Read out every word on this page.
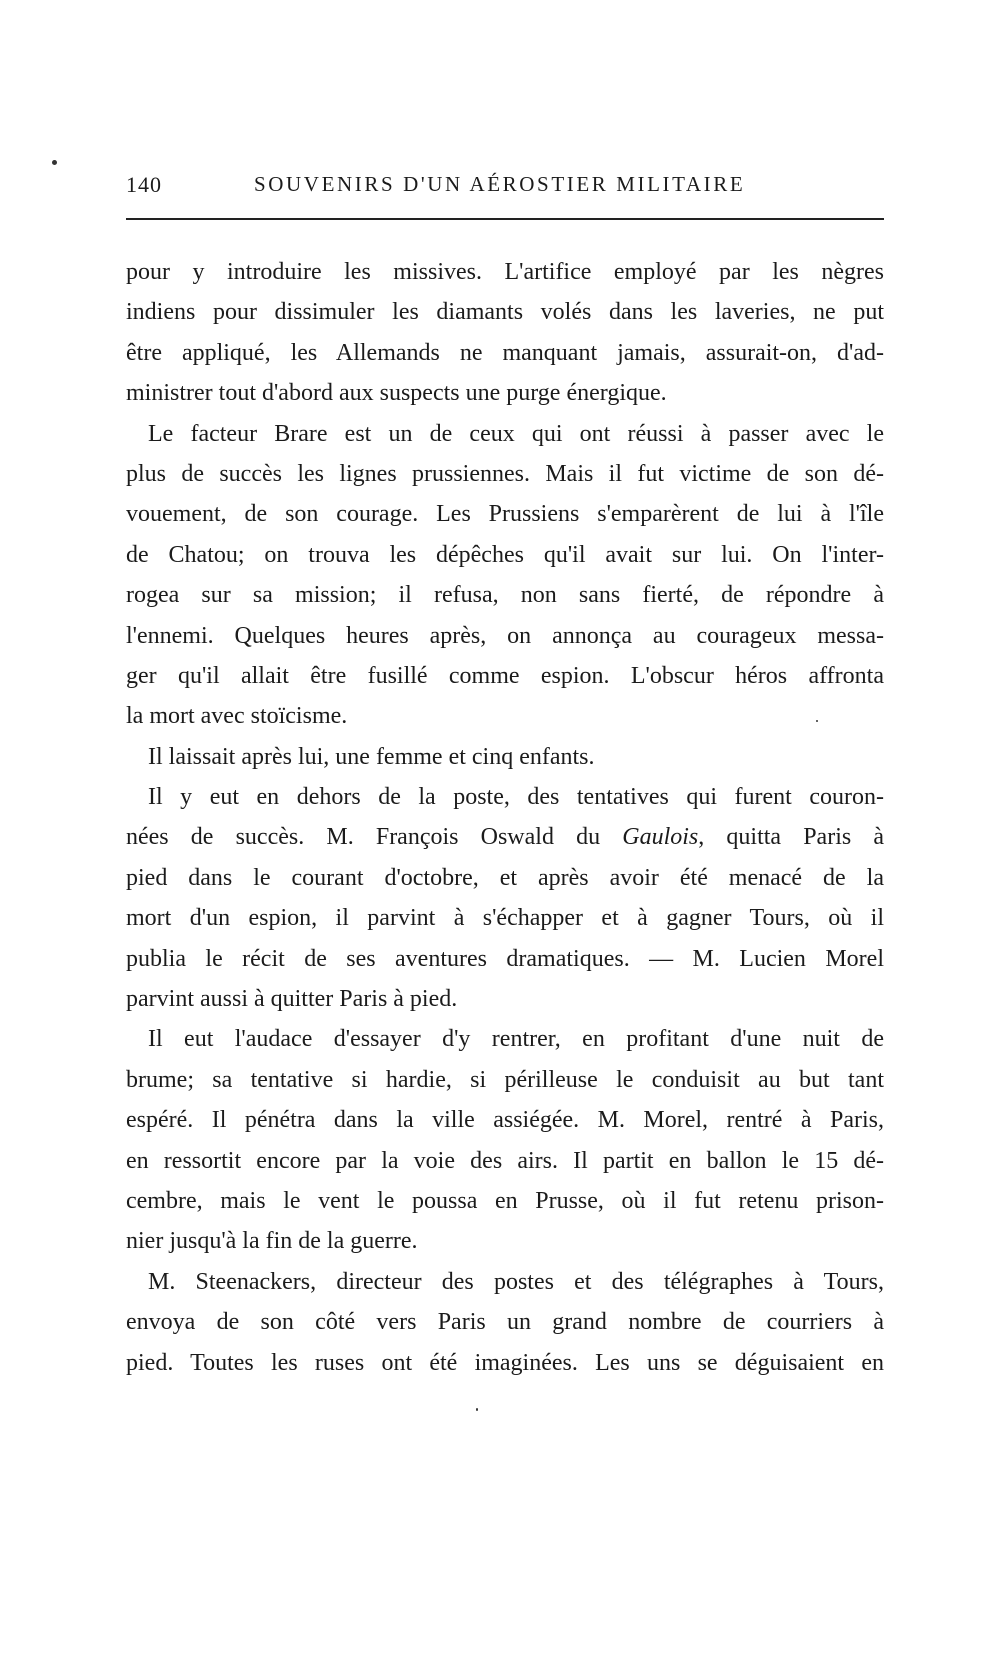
140	SOUVENIRS D'UN AÉROSTIER MILITAIRE
pour y introduire les missives. L'artifice employé par les nègres
indiens pour dissimuler les diamants volés dans les laveries, ne put
être appliqué, les Allemands ne manquant jamais, assurait-on, d'ad-
ministrer tout d'abord aux suspects une purge énergique.
Le facteur Brare est un de ceux qui ont réussi à passer avec le
plus de succès les lignes prussiennes. Mais il fut victime de son dé-
vouement, de son courage. Les Prussiens s'emparèrent de lui à l'île
de Chatou; on trouva les dépêches qu'il avait sur lui. On l'inter-
rogea sur sa mission; il refusa, non sans fierté, de répondre à
l'ennemi. Quelques heures après, on annonça au courageux messa-
ger qu'il allait être fusillé comme espion. L'obscur héros affronta
la mort avec stoïcisme.
Il laissait après lui, une femme et cinq enfants.
Il y eut en dehors de la poste, des tentatives qui furent couron-
nées de succès. M. François Oswald du Gaulois, quitta Paris à
pied dans le courant d'octobre, et après avoir été menacé de la
mort d'un espion, il parvint à s'échapper et à gagner Tours, où il
publia le récit de ses aventures dramatiques. — M. Lucien Morel
parvint aussi à quitter Paris à pied.
Il eut l'audace d'essayer d'y rentrer, en profitant d'une nuit de
brume; sa tentative si hardie, si périlleuse le conduisit au but tant
espéré. Il pénétra dans la ville assiégée. M. Morel, rentré à Paris,
en ressortit encore par la voie des airs. Il partit en ballon le 15 dé-
cembre, mais le vent le poussa en Prusse, où il fut retenu prison-
nier jusqu'à la fin de la guerre.
M. Steenackers, directeur des postes et des télégraphes à Tours,
envoya de son côté vers Paris un grand nombre de courriers à
pied. Toutes les ruses ont été imaginées. Les uns se déguisaient en
